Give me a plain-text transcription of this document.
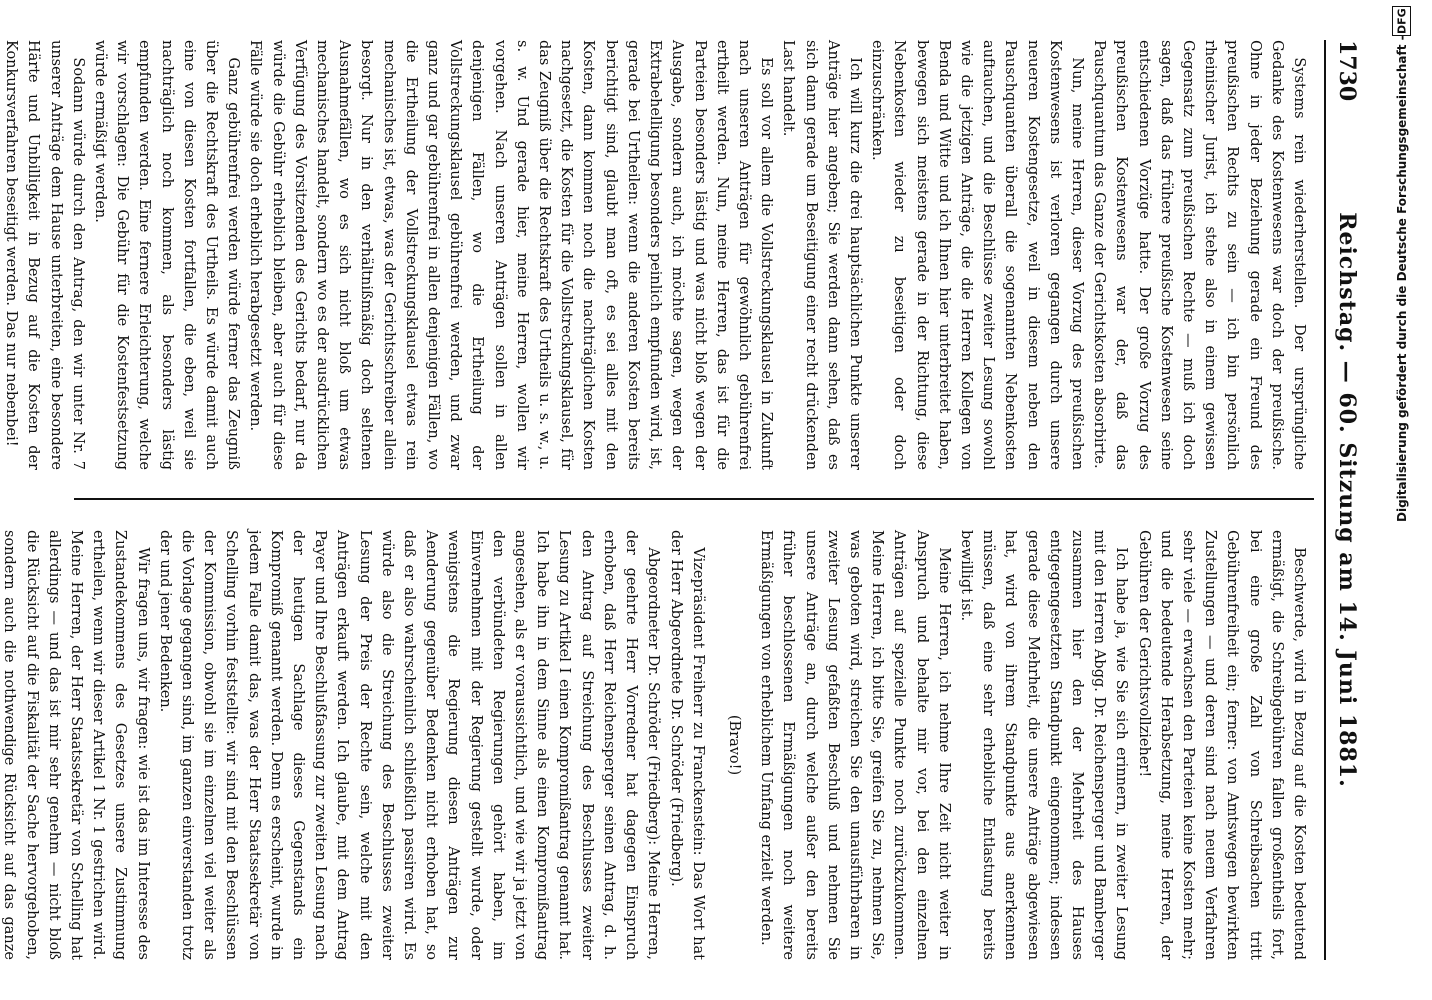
1730
Reichstag. — 60. Sitzung am 14. Juni 1881.

Systems rein wiederherstellen. Der ursprüngliche Gedanke des Kostenwesens war doch der preußische. Ohne in jeder Beziehung gerade ein Freund des preußischen Rechts zu sein — ich bin persönlich rheinischer Jurist, ich stehe also in einem gewissen Gegensatz zum preußischen Rechte — muß ich doch sagen, daß das frühere preußische Kostenwesen seine entschiedenen Vorzüge hatte. Der große Vorzug des preußischen Kostenwesens war der, daß das Pauschquantum das Ganze der Gerichtskosten absorbirte.

Nun, meine Herren, dieser Vorzug des preußischen Kostenwesens ist verloren gegangen durch unsere neueren Kostengesetze, weil in diesem neben den Pauschquanten überall die sogenannten Nebenkosten auftauchen, und die Beschlüsse zweiter Lesung sowohl wie die jetzigen Anträge, die die Herren Kollegen von Benda und Witte und ich Ihnen hier unterbreitet haben, bewegen sich meistens gerade in der Richtung, diese Nebenkosten wieder zu beseitigen oder doch einzuschränken.

Ich will kurz die drei hauptsächlichen Punkte unserer Anträge hier angeben; Sie werden dann sehen, daß es sich dann gerade um Beseitigung einer recht drückenden Last handelt.

Es soll vor allem die Vollstreckungsklausel in Zukunft nach unseren Anträgen für gewöhnlich gebührenfrei ertheilt werden. Nun, meine Herren, das ist für die Parteien besonders lästig und was nicht bloß wegen der Ausgabe, sondern auch, ich möchte sagen, wegen der Extrabehelligung besonders peinlich empfunden wird, ist, gerade bei Urtheilen: wenn die anderen Kosten bereits berichtigt sind, glaubt man oft, es sei alles mit den Kosten, dann kommen noch die nachträglichen Kosten nachgesetzt, die Kosten für die Vollstreckungsklausel, für das Zeugniß über die Rechtskraft des Urtheils u. s. w., u. s. w. Und gerade hier, meine Herren, wollen wir vorgehen. Nach unseren Anträgen sollen in allen denjenigen Fällen, wo die Ertheilung der Vollstreckungsklausel gebührenfrei werden, und zwar ganz und gar gebührenfrei in allen denjenigen Fällen, wo die Ertheilung der Vollstreckungsklausel etwas rein mechanisches ist, etwas, was der Gerichtsschreiber allein besorgt. Nur in den verhältnißmäßig doch seltenen Ausnahmefällen, wo es sich nicht bloß um etwas mechanisches handelt, sondern wo es der ausdrücklichen Verfügung des Vorsitzenden des Gerichts bedarf, nur da würde die Gebühr erheblich bleiben, aber auch für diese Fälle würde sie doch erheblich herabgesetzt werden.

Ganz gebührenfrei werden würde ferner das Zeugniß über die Rechtskraft des Urtheils. Es würde damit auch eine von diesen Kosten fortfallen, die eben, weil sie nachträglich noch kommen, als besonders lästig empfunden werden. Eine fernere Erleichterung, welche wir vorschlagen: Die Gebühr für die Kostenfestsetzung würde ermäßigt werden.

Sodann würde durch den Antrag, den wir unter Nr. 7 unserer Anträge dem Hause unterbreiten, eine besondere Härte und Unbilligkeit in Bezug auf die Kosten der Konkursverfahren beseitigt werden. Das nur nebenbei!

Beschwerde, wird in Bezug auf die Kosten bedeutend ermäßigt, die Schreibgebühren fallen großentheils fort, bei eine große Zahl von Schreibsachen tritt Gebührenfreiheit ein; ferner: von Amtswegen bewirkten Zustellungen — und deren sind nach neuem Verfahren sehr viele — erwachsen den Parteien keine Kosten mehr; und die bedeutende Herabsetzung, meine Herren, der Gebühren der Gerichtsvollzieher!

Ich habe ja, wie Sie sich erinnern, in zweiter Lesung mit den Herren Abgg. Dr. Reichensperger und Bamberger zusammen hier den der Mehrheit des Hauses entgegengesetzten Standpunkt eingenommen; indessen gerade diese Mehrheit, die unsere Anträge abgewiesen hat, wird von ihrem Standpunkte aus anerkennen müssen, daß eine sehr erhebliche Entlastung bereits bewilligt ist.

Meine Herren, ich nehme Ihre Zeit nicht weiter in Anspruch und behalte mir vor, bei den einzelnen Anträgen auf spezielle Punkte noch zurückzukommen. Meine Herren, ich bitte Sie, greifen Sie zu, nehmen Sie, was geboten wird, streichen Sie den unausführbaren in zweiter Lesung gefaßten Beschluß und nehmen Sie unsere Anträge an, durch welche außer den bereits früher beschlossenen Ermäßigungen noch weitere Ermäßigungen von erheblichem Umfang erzielt werden.

(Bravo!)

Vizepräsident Freiherr zu Franckenstein: Das Wort hat der Herr Abgeordnete Dr. Schröder (Friedberg).

Abgeordneter Dr. Schröder (Friedberg): Meine Herren, der geehrte Herr Vorredner hat dagegen Einspruch erhoben, daß Herr Reichensperger seinen Antrag, d. h. den Antrag auf Streichung des Beschlusses zweiter Lesung zu Artikel I einen Kompromißantrag genannt hat. Ich habe ihn in dem Sinne als einen Kompromißantrag angesehen, als er voraussichtlich, und wie wir ja jetzt von den verbündeten Regierungen gehört haben, im Einvernehmen mit der Regierung gestellt wurde, oder wenigstens die Regierung diesen Anträgen zur Aenderung gegenüber Bedenken nicht erhoben hat, so daß er also wahrscheinlich schließlich passiren wird. Es würde also die Streichung des Beschlusses zweiter Lesung der Preis der Rechte sein, welche mit den Anträgen erkauft werden. Ich glaube, mit dem Antrag Payer und Ihre Beschlußfassung zur zweiten Lesung nach der heutigen Sachlage dieses Gegenstands ein Kompromiß genannt werden. Denn es erscheint, wurde in jedem Falle damit das, was der Herr Staatssekretär von Schelling vorhin feststellte: wir sind mit den Beschlüssen der Kommission, obwohl sie im einzelnen viel weiter als die Vorlage gegangen sind, im ganzen einverstanden trotz der und jener Bedenken.

Wir fragen uns, wir fragen: wie ist das im Interesse des Zustandekommens des Gesetzes unsere Zustimmung ertheilen, wenn wir dieser Artikel 1 Nr. 1 gestrichen wird. Meine Herren, der Herr Staatssekretär von Schelling hat allerdings — und das ist mir sehr genehm — nicht bloß die Rücksicht auf die Fiskalität der Sache hervorgehoben, sondern auch die nothwendige Rücksicht auf das ganze

Digitalisierung gefördert durch die Deutsche Forschungsgemeinschaft -
DFG
